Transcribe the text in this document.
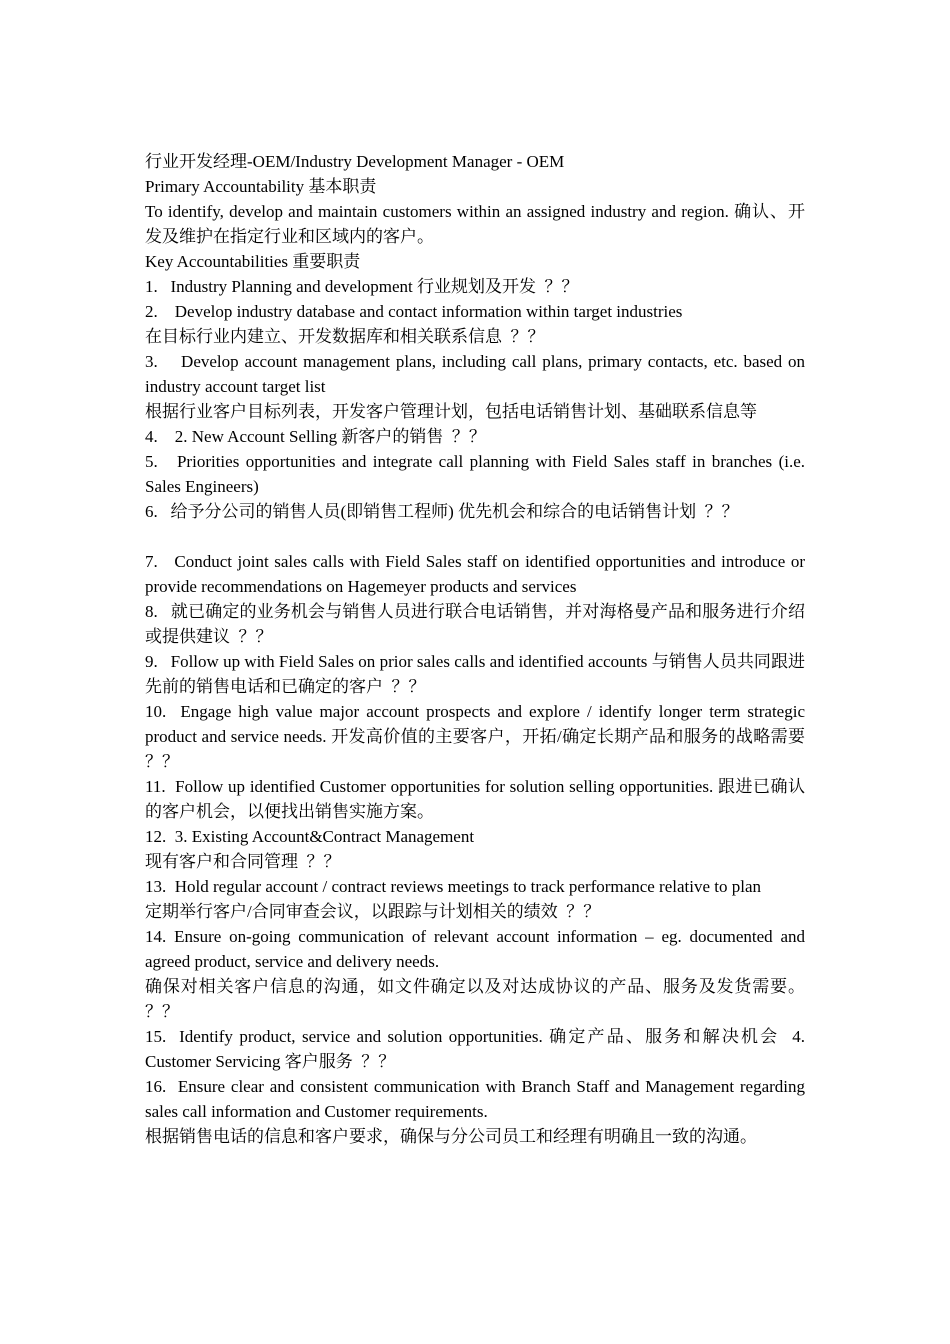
行业开发经理-OEM/Industry Development Manager - OEM

Primary Accountability 基本职责

To identify, develop and maintain customers within an assigned industry and region. 确认、开发及维护在指定行业和区域内的客户。

Key Accountabilities 重要职责

1.   Industry Planning and development 行业规划及开发  ？？

2.    Develop industry database and contact information within target industries

在目标行业内建立、开发数据库和相关联系信息  ？？

3.    Develop account management plans, including call plans, primary contacts, etc. based on industry account target list

根据行业客户目标列表，开发客户管理计划，包括电话销售计划、基础联系信息等

4.    2. New Account Selling 新客户的销售  ？？

5.   Priorities opportunities and integrate call planning with Field Sales staff in branches (i.e. Sales Engineers)

6.   给予分公司的销售人员(即销售工程师) 优先机会和综合的电话销售计划  ？？

7.   Conduct joint sales calls with Field Sales staff on identified opportunities and introduce or provide recommendations on Hagemeyer products and services

8.   就已确定的业务机会与销售人员进行联合电话销售，并对海格曼产品和服务进行介绍或提供建议  ？？

9.   Follow up with Field Sales on prior sales calls and identified accounts 与销售人员共同跟进先前的销售电话和已确定的客户  ？？

10.  Engage high value major account prospects and explore / identify longer term strategic product and service needs. 开发高价值的主要客户，开拓/确定长期产品和服务的战略需要  ？？

11.  Follow up identified Customer opportunities for solution selling opportunities. 跟进已确认的客户机会，以便找出销售实施方案。

12.  3. Existing Account&Contract Management

现有客户和合同管理  ？？

13.  Hold regular account / contract reviews meetings to track performance relative to plan

定期举行客户/合同审查会议，以跟踪与计划相关的绩效  ？？

14. Ensure on-going communication of relevant account information – eg. documented and agreed product, service and delivery needs.

确保对相关客户信息的沟通，如文件确定以及对达成协议的产品、服务及发货需要。 ？？

15.  Identify product, service and solution opportunities. 确定产品、服务和解决机会  4. Customer Servicing 客户服务  ？？

16.  Ensure clear and consistent communication with Branch Staff and Management regarding sales call information and Customer requirements.

根据销售电话的信息和客户要求，确保与分公司员工和经理有明确且一致的沟通。
